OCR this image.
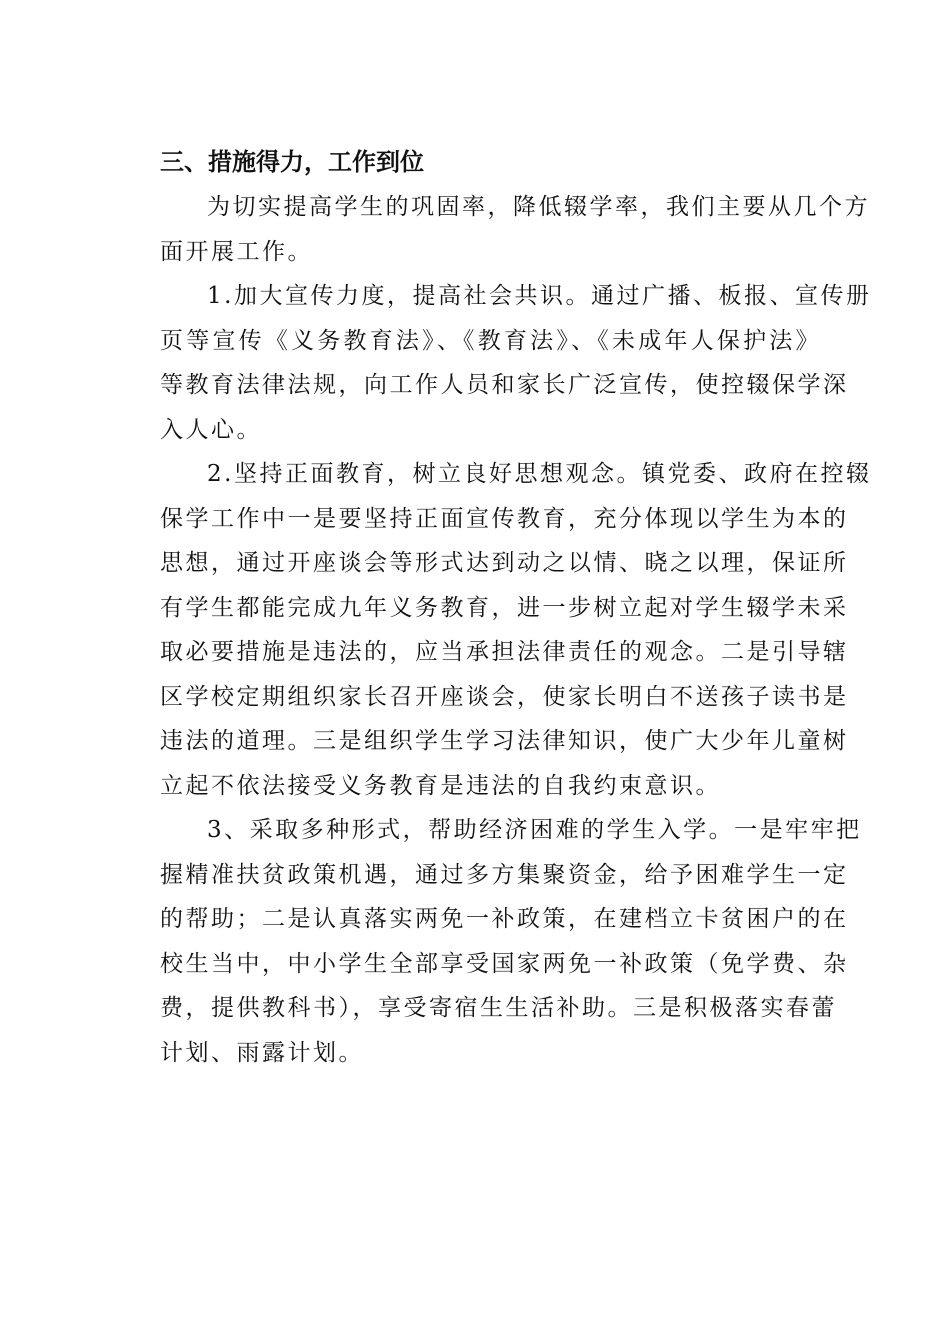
三、措施得力，工作到位
为切实提高学生的巩固率，降低辍学率，我们主要从几个方
面开展工作。
1.加大宣传力度，提高社会共识。通过广播、板报、宣传册
页等宣传《义务教育法》、《教育法》、《未成年人保护法》
等教育法律法规，向工作人员和家长广泛宣传，使控辍保学深
入人心。
2.坚持正面教育，树立良好思想观念。镇党委、政府在控辍
保学工作中一是要坚持正面宣传教育，充分体现以学生为本的
思想，通过开座谈会等形式达到动之以情、晓之以理，保证所
有学生都能完成九年义务教育，进一步树立起对学生辍学未采
取必要措施是违法的，应当承担法律责任的观念。二是引导辖
区学校定期组织家长召开座谈会，使家长明白不送孩子读书是
违法的道理。三是组织学生学习法律知识，使广大少年儿童树
立起不依法接受义务教育是违法的自我约束意识。
3、采取多种形式，帮助经济困难的学生入学。一是牢牢把
握精准扶贫政策机遇，通过多方集聚资金，给予困难学生一定
的帮助；二是认真落实两免一补政策，在建档立卡贫困户的在
校生当中，中小学生全部享受国家两免一补政策（免学费、杂
费，提供教科书），享受寄宿生生活补助。三是积极落实春蕾
计划、雨露计划。
